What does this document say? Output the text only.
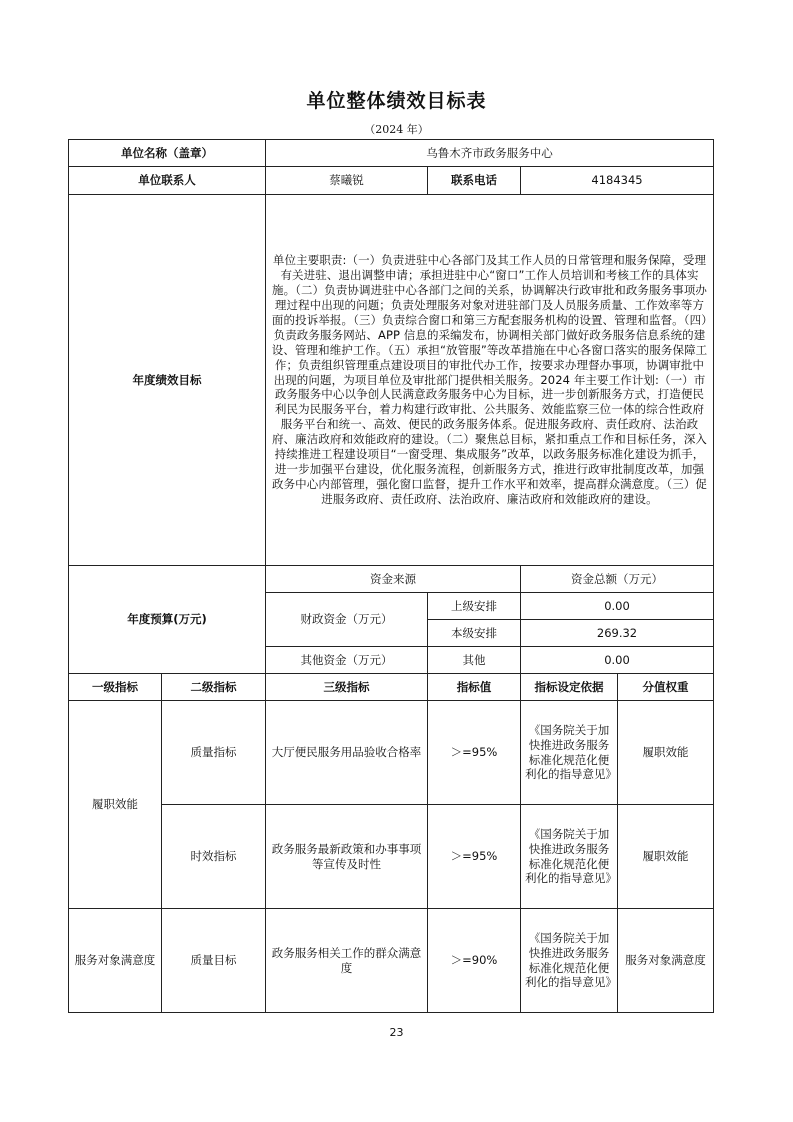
单位整体绩效目标表
（2024 年）
单位名称（盖章）		乌鲁木齐市政务服务中心			
单位联系人		蔡曦锐	联系电话	4184345	
年度绩效目标		单位主要职责:（一）负责进驻中心各部门及其工作人员的日常管理和服务保障，受理有关进驻、退出调整申请；承担进驻中心“窗口”工作人员培训和考核工作的具体实施。（二）负责协调进驻中心各部门之间的关系，协调解决行政审批和政务服务事项办理过程中出现的问题；负责处理服务对象对进驻部门及人员服务质量、工作效率等方面的投诉举报。（三）负责综合窗口和第三方配套服务机构的设置、管理和监督。（四）负责政务服务网站、APP 信息的采编发布，协调相关部门做好政务服务信息系统的建设、管理和维护工作。（五）承担“放管服”等改革措施在中心各窗口落实的服务保障工作；负责组织管理重点建设项目的审批代办工作，按要求办理督办事项，协调审批中出现的问题，为项目单位及审批部门提供相关服务。2024 年主要工作计划:（一）市政务服务中心以争创人民满意政务服务中心为目标，进一步创新服务方式，打造便民利民为民服务平台，着力构建行政审批、公共服务、效能监察三位一体的综合性政府服务平台和统一、高效、便民的政务服务体系。促进服务政府、责任政府、法治政府、廉洁政府和效能政府的建设。（二）聚焦总目标，紧扣重点工作和目标任务，深入持续推进工程建设项目“一窗受理、集成服务”改革，以政务服务标准化建设为抓手，进一步加强平台建设，优化服务流程，创新服务方式，推进行政审批制度改革，加强政务中心内部管理，强化窗口监督，提升工作水平和效率，提高群众满意度。（三）促进服务政府、责任政府、法治政府、廉洁政府和效能政府的建设。			
年度预算(万元)		资金来源		资金总额（万元）	
		财政资金（万元）	上级安排	0.00	
			本级安排	269.32	
		其他资金（万元）	其他	0.00	
一级指标	二级指标	三级指标	指标值	指标设定依据	分值权重
履职效能	质量指标	大厅便民服务用品验收合格率	＞=95%	《国务院关于加快推进政务服务标准化规范化便利化的指导意见》	履职效能
	时效指标	政务服务最新政策和办事事项等宣传及时性	＞=95%	《国务院关于加快推进政务服务标准化规范化便利化的指导意见》	履职效能
服务对象满意度	质量目标	政务服务相关工作的群众满意度	＞=90%	《国务院关于加快推进政务服务标准化规范化便利化的指导意见》	服务对象满意度
23
